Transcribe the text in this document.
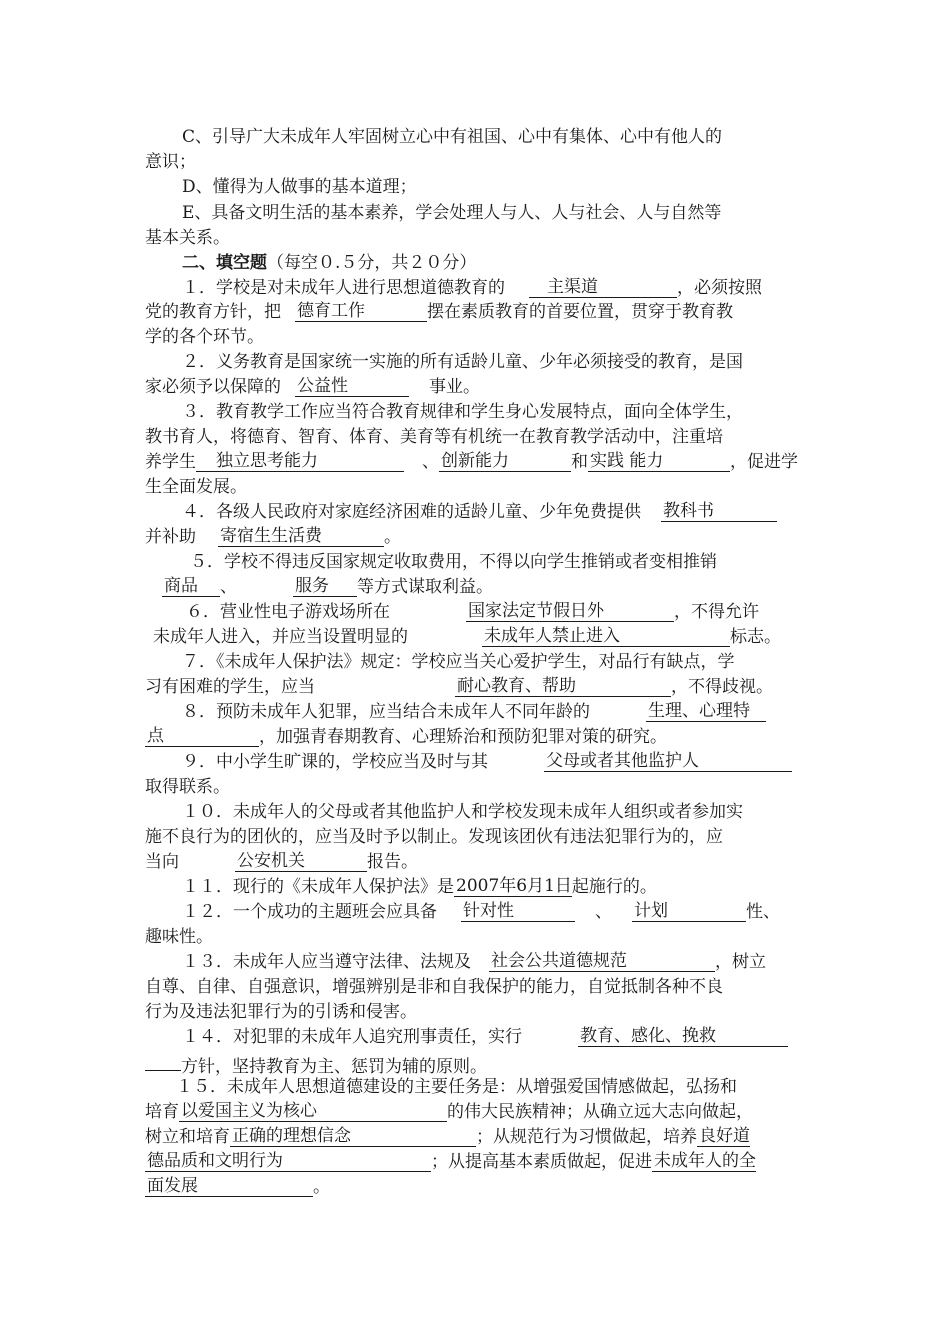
C、引导广大未成年人牢固树立心中有祖国、心中有集体、心中有他人的
意识；
D、懂得为人做事的基本道理；
E、具备文明生活的基本素养，学会处理人与人、人与社会、人与自然等
基本关系。
二、填空题（每空０.５分，共２０分）
１．学校是对未成年人进行思想道德教育的 主渠道	，必须按照
党的教育方针，把 德育工作	摆在素质教育的首要位置，贯穿于教育教
学的各个环节。
２．义务教育是国家统一实施的所有适龄儿童、少年必须接受的教育，是国
家必须予以保障的 公益性	事业。
３．教育教学工作应当符合教育规律和学生身心发展特点，面向全体学生，
教书育人，将德育、智育、体育、美育等有机统一在教育教学活动中，注重培
养学生 独立思考能力	、 创新能力	和 实践 能力	，促进学
生全面发展。
４．各级人民政府对家庭经济困难的适龄儿童、少年免费提供 教科书
并补助 寄宿生生活费	。
５．学校不得违反国家规定收取费用，不得以向学生推销或者变相推销
商品 、	服务 等方式谋取利益。
６．营业性电子游戏场所在	国家法定节假日外	，不得允许
未成年人进入，并应当设置明显的	未成年人禁止进入	标志。
７．《未成年人保护法》规定：学校应当关心爱护学生，对品行有缺点，学
习有困难的学生，应当	耐心教育、帮助	，不得歧视。
８．预防未成年人犯罪，应当结合未成年人不同年龄的	生理、心理特
点	，加强青春期教育、心理矫治和预防犯罪对策的研究。
９．中小学生旷课的，学校应当及时与其	父母或者其他监护人
取得联系。
１０．未成年人的父母或者其他监护人和学校发现未成年人组织或者参加实
施不良行为的团伙的，应当及时予以制止。发现该团伙有违法犯罪行为的，应
当向	公安机关	报告。
１１．现行的《未成年人保护法》是 2007年6月1日起施行的。
１２．一个成功的主题班会应具备 针对性	、 计划	性、
趣味性。
１３．未成年人应当遵守法律、法规及 社会公共道德规范	，树立
自尊、自律、自强意识，增强辨别是非和自我保护的能力，自觉抵制各种不良
行为及违法犯罪行为的引诱和侵害。
１４．对犯罪的未成年人追究刑事责任，实行	教育、感化、挽救
方针，坚持教育为主、惩罚为辅的原则。
１５．未成年人思想道德建设的主要任务是：从增强爱国情感做起，弘扬和
培育 以爱国主义为核心	的伟大民族精神；从确立远大志向做起，
树立和培育 正确的理想信念	；从规范行为习惯做起，培养 良好道
德品质和文明行为	；从提高基本素质做起，促进 未成年人的全
面发展	。
